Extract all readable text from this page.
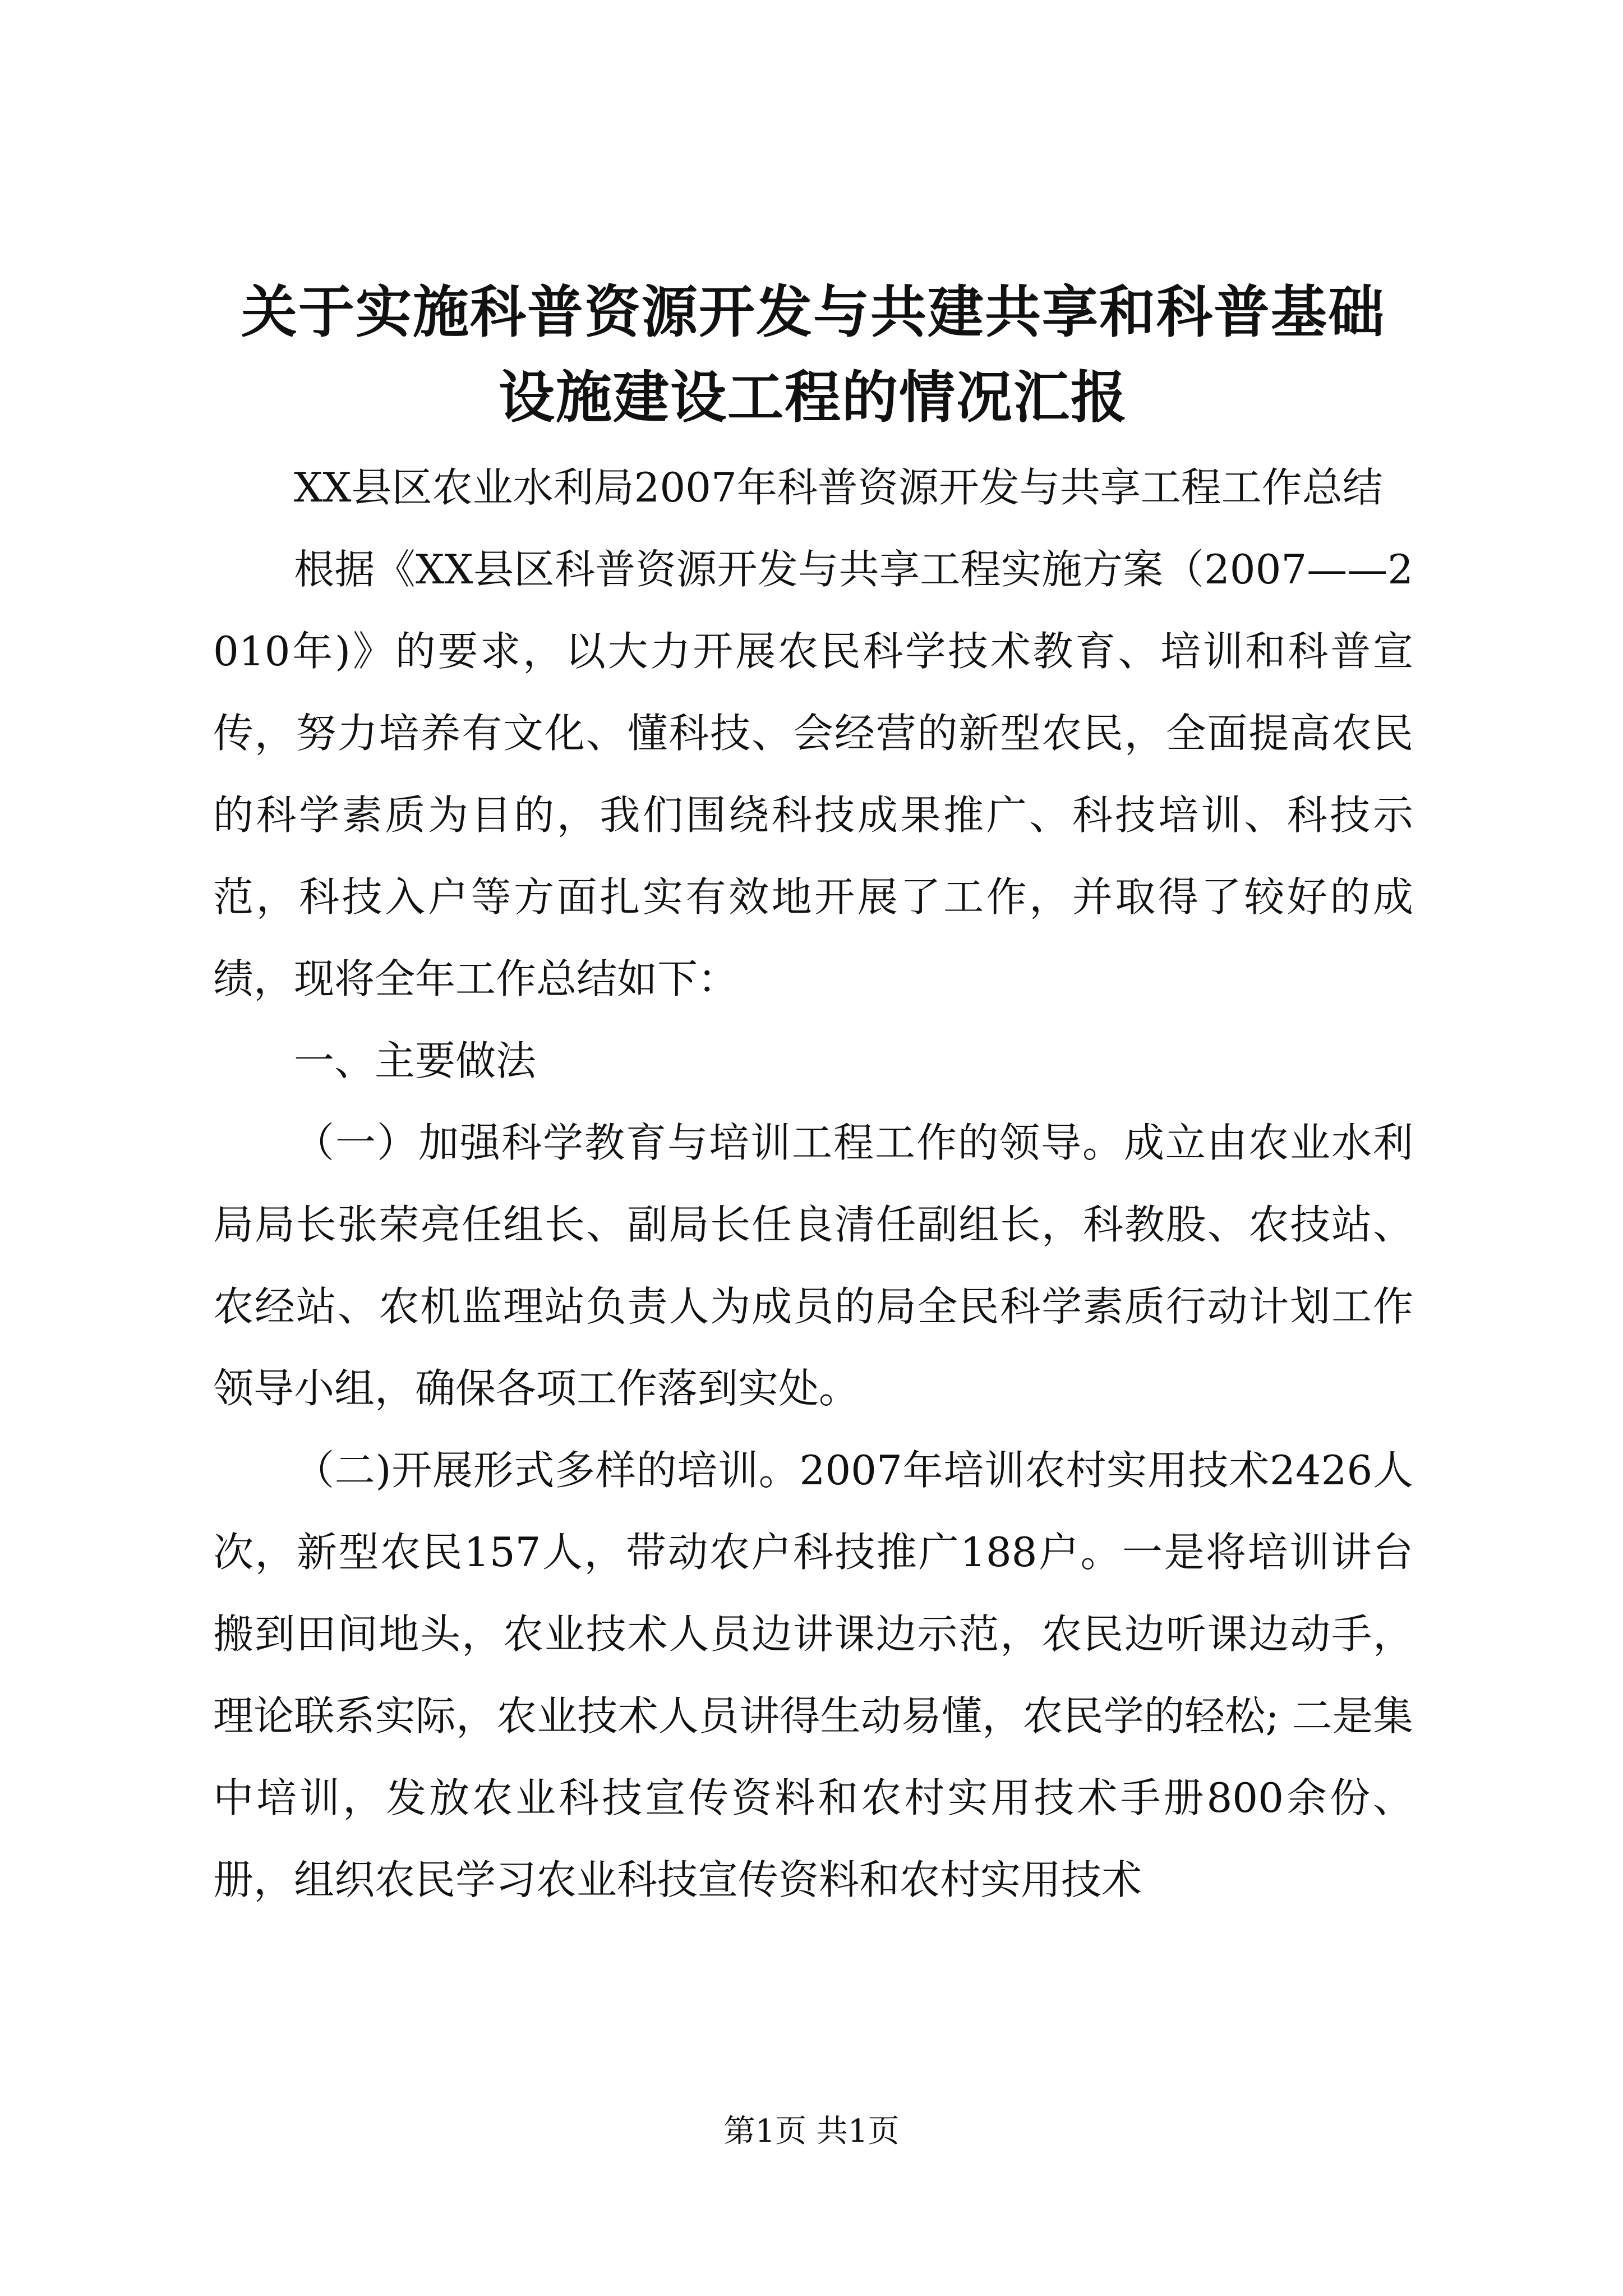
关于实施科普资源开发与共建共享和科普基础
设施建设工程的情况汇报

XX县区农业水利局2007年科普资源开发与共享工程工作总结

根据《XX县区科普资源开发与共享工程实施方案（2007——2010年)》的要求，以大力开展农民科学技术教育、培训和科普宣传，努力培养有文化、懂科技、会经营的新型农民，全面提高农民的科学素质为目的，我们围绕科技成果推广、科技培训、科技示范，科技入户等方面扎实有效地开展了工作，并取得了较好的成绩，现将全年工作总结如下：

一、主要做法

（一）加强科学教育与培训工程工作的领导。成立由农业水利局局长张荣亮任组长、副局长任良清任副组长，科教股、农技站、农经站、农机监理站负责人为成员的局全民科学素质行动计划工作领导小组，确保各项工作落到实处。

（二)开展形式多样的培训。2007年培训农村实用技术2426人次，新型农民157人，带动农户科技推广188户。一是将培训讲台搬到田间地头，农业技术人员边讲课边示范，农民边听课边动手，理论联系实际，农业技术人员讲得生动易懂，农民学的轻松; 二是集中培训，发放农业科技宣传资料和农村实用技术手册800余份、册，组织农民学习农业科技宣传资料和农村实用技术

第1页 共1页
